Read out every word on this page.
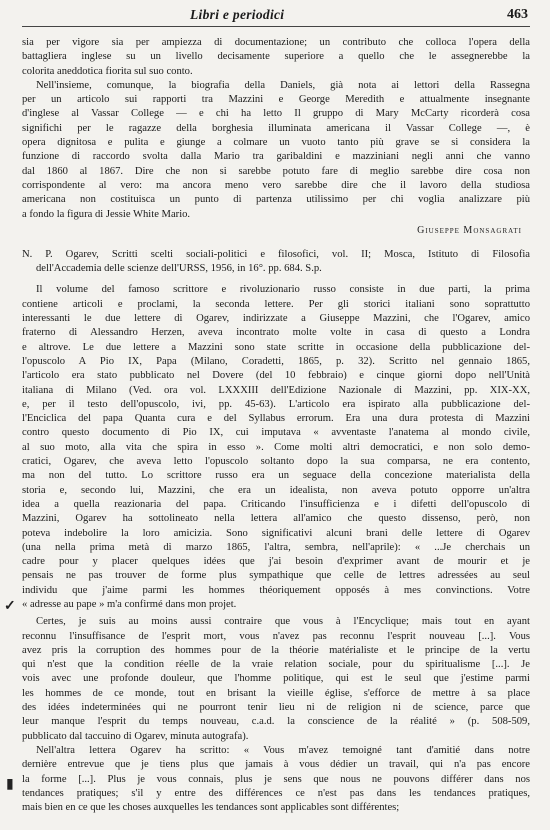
Libri e periodici	463
sia per vigore sia per ampiezza di documentazione; un contributo che colloca l'opera della
battagliera inglese su un livello decisamente superiore a quello che le assegnerebbe la
colorita aneddotica fiorita sul suo conto.
Nell'insieme, comunque, la biografia della Daniels, già nota ai lettori della Rassegna
per un articolo sui rapporti tra Mazzini e George Meredith e attualmente insegnante
d'inglese al Vassar College — e chi ha letto Il gruppo di Mary McCarty ricorderà cosa
significhi per le ragazze della borghesia illuminata americana il Vassar College —, è
opera dignitosa e pulita e giunge a colmare un vuoto tanto più grave se si considera la
funzione di raccordo svolta dalla Mario tra garibaldini e mazziniani negli anni che vanno
dal 1860 al 1867. Dire che non si sarebbe potuto fare di meglio sarebbe dire cosa non
corrispondente al vero: ma ancora meno vero sarebbe dire che il lavoro della studiosa
americana non costituisca un punto di partenza utilissimo per chi voglia analizzare più
a fondo la figura di Jessie White Mario.
Giuseppe Monsagrati
N. P. Ogarev, Scritti scelti sociali-politici e filosofici, vol. II; Mosca, Istituto di Filosofia
dell'Accademia delle scienze dell'URSS, 1956, in 16°. pp. 684. S.p.
Il volume del famoso scrittore e rivoluzionario russo consiste in due parti, la prima
contiene articoli e proclami, la seconda lettere. Per gli storici italiani sono soprattutto
interessanti le due lettere di Ogarev, indirizzate a Giuseppe Mazzini, che l'Ogarev, amico
fraterno di Alessandro Herzen, aveva incontrato molte volte in casa di questo a Londra
e altrove. Le due lettere a Mazzini sono state scritte in occasione della pubblicazione del-
l'opuscolo A Pio IX, Papa (Milano, Coradetti, 1865, p. 32). Scritto nel gennaio 1865,
l'articolo era stato pubblicato nel Dovere (del 10 febbraio) e cinque giorni dopo nell'Unità
italiana di Milano (Ved. ora vol. LXXXIII dell'Edizione Nazionale di Mazzini, pp. XIX-XX,
e, per il testo dell'opuscolo, ivi, pp. 45-63). L'articolo era ispirato alla pubblicazione del-
l'Enciclica del papa Quanta cura e del Syllabus errorum. Era una dura protesta di Mazzini
contro questo documento di Pio IX, cui imputava « avventaste l'anatema al mondo civile,
al suo moto, alla vita che spira in esso ». Come molti altri democratici, e non solo demo-
cratici, Ogarev, che aveva letto l'opuscolo soltanto dopo la sua comparsa, ne era contento,
ma non del tutto. Lo scrittore russo era un seguace della concezione materialista della
storia e, secondo lui, Mazzini, che era un idealista, non aveva potuto opporre un'altra
idea a quella reazionaria del papa. Criticando l'insufficienza e i difetti dell'opuscolo di
Mazzini, Ogarev ha sottolineato nella lettera all'amico che questo dissenso, però, non
poteva indebolire la loro amicizia. Sono significativi alcuni brani delle lettere di Ogarev
(una nella prima metà di marzo 1865, l'altra, sembra, nell'aprile): « ...Je cherchais un
cadre pour y placer quelques idées que j'ai besoin d'exprimer avant de mourir et je
pensais ne pas trouver de forme plus sympathique que celle de lettres adressées au seul
individu que j'aime parmi les hommes théoriquement opposés à mes convinctions. Votre
« adresse au pape » m'a confirmé dans mon projet.
Certes, je suis au moins aussi contraire que vous à l'Encyclique; mais tout en ayant
reconnu l'insuffisance de l'esprit mort, vous n'avez pas reconnu l'esprit nouveau [...]. Vous
avez pris la corruption des hommes pour de la théorie matérialiste et le principe de la vertu
qui n'est que la condition réelle de la vraie relation sociale, pour du spiritualisme [...]. Je
vois avec une profonde douleur, que l'homme politique, qui est le seul que j'estime parmi
les hommes de ce monde, tout en brisant la vieille église, s'efforce de mettre à sa place
des idées indeterminées qui ne pourront tenir lieu ni de religion ni de science, parce que
leur manque l'esprit du temps nouveau, c.a.d. la conscience de la réalité » (p. 508-509,
pubblicato dal taccuino di Ogarev, minuta autografa).
Nell'altra lettera Ogarev ha scritto: « Vous m'avez temoigné tant d'amitié dans notre
dernière entrevue que je tiens plus que jamais à vous dédier un travail, qui n'a pas encore
la forme [...]. Plus je vous connais, plus je sens que nous ne pouvons différer dans nos
tendances pratiques; s'il y entre des différences ce n'est pas dans les tendances pratiques,
mais bien en ce que les choses auxquelles les tendances sont applicables sont différentes;
✓
▮
